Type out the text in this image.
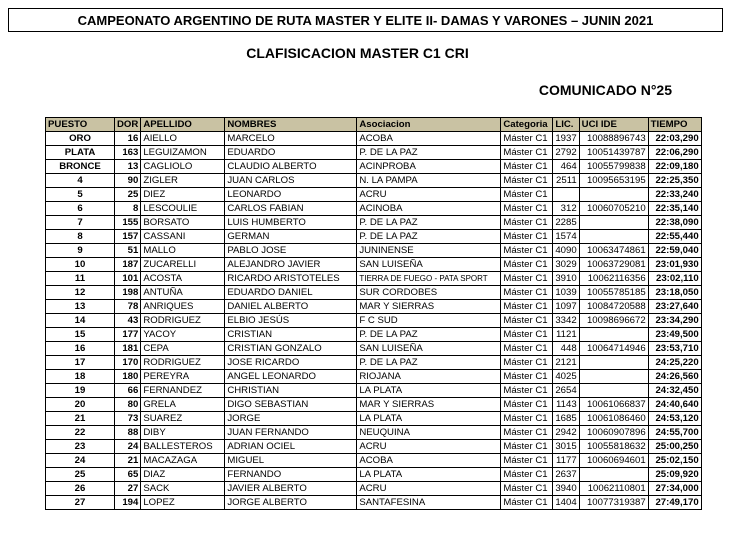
CAMPEONATO ARGENTINO DE RUTA MASTER Y ELITE II- DAMAS Y VARONES – JUNIN 2021
CLAFISICACION MASTER C1 CRI
COMUNICADO N°25
PUESTO	DOR	APELLIDO	NOMBRES	Asociacion	Categoria	LIC.	UCI IDE	TIEMPO
ORO	16	AIELLO	MARCELO	ACOBA	Máster C1	1937	10088896743	22:03,290
PLATA	163	LEGUIZAMON	EDUARDO	P. DE LA PAZ	Máster C1	2792	10051439787	22:06,290
BRONCE	13	CAGLIOLO	CLAUDIO ALBERTO	ACINPROBA	Máster C1	464	10055799838	22:09,180
4	90	ZIGLER	JUAN CARLOS	N. LA PAMPA	Máster C1	2511	10095653195	22:25,350
5	25	DIEZ	LEONARDO	ACRU	Máster C1			22:33,240
6	8	LESCOULIE	CARLOS FABIAN	ACINOBA	Máster C1	312	10060705210	22:35,140
7	155	BORSATO	LUIS HUMBERTO	P. DE LA PAZ	Máster C1	2285		22:38,090
8	157	CASSANI	GERMAN	P. DE LA PAZ	Máster C1	1574		22:55,440
9	51	MALLO	PABLO JOSE	JUNINENSE	Máster C1	4090	10063474861	22:59,040
10	187	ZUCARELLI	ALEJANDRO JAVIER	SAN LUISEÑA	Máster C1	3029	10063729081	23:01,930
11	101	ACOSTA	RICARDO ARISTOTELES	TIERRA DE FUEGO - PATA SPORT	Máster C1	3910	10062116356	23:02,110
12	198	ANTUÑA	EDUARDO DANIEL	SUR CORDOBES	Máster C1	1039	10055785185	23:18,050
13	78	ANRIQUES	DANIEL ALBERTO	MAR Y SIERRAS	Máster C1	1097	10084720588	23:27,640
14	43	RODRIGUEZ	ELBIO JESÚS	F C SUD	Máster C1	3342	10098696672	23:34,290
15	177	YACOY	CRISTIAN	P. DE LA PAZ	Máster C1	1121		23:49,500
16	181	CEPA	CRISTIAN GONZALO	SAN LUISEÑA	Máster C1	448	10064714946	23:53,710
17	170	RODRIGUEZ	JOSE RICARDO	P. DE LA PAZ	Máster C1	2121		24:25,220
18	180	PEREYRA	ANGEL LEONARDO	RIOJANA	Máster C1	4025		24:26,560
19	66	FERNANDEZ	CHRISTIAN	LA PLATA	Máster C1	2654		24:32,450
20	80	GRELA	DIGO SEBASTIAN	MAR Y SIERRAS	Máster C1	1143	10061066837	24:40,640
21	73	SUAREZ	JORGE	LA PLATA	Máster C1	1685	10061086460	24:53,120
22	88	DIBY	JUAN FERNANDO	NEUQUINA	Máster C1	2942	10060907896	24:55,700
23	24	BALLESTEROS	ADRIAN OCIEL	ACRU	Máster C1	3015	10055818632	25:00,250
24	21	MACAZAGA	MIGUEL	ACOBA	Máster C1	1177	10060694601	25:02,150
25	65	DIAZ	FERNANDO	LA PLATA	Máster C1	2637		25:09,920
26	27	SACK	JAVIER ALBERTO	ACRU	Máster C1	3940	10062110801	27:34,000
27	194	LOPEZ	JORGE ALBERTO	SANTAFESINA	Máster C1	1404	10077319387	27:49,170
